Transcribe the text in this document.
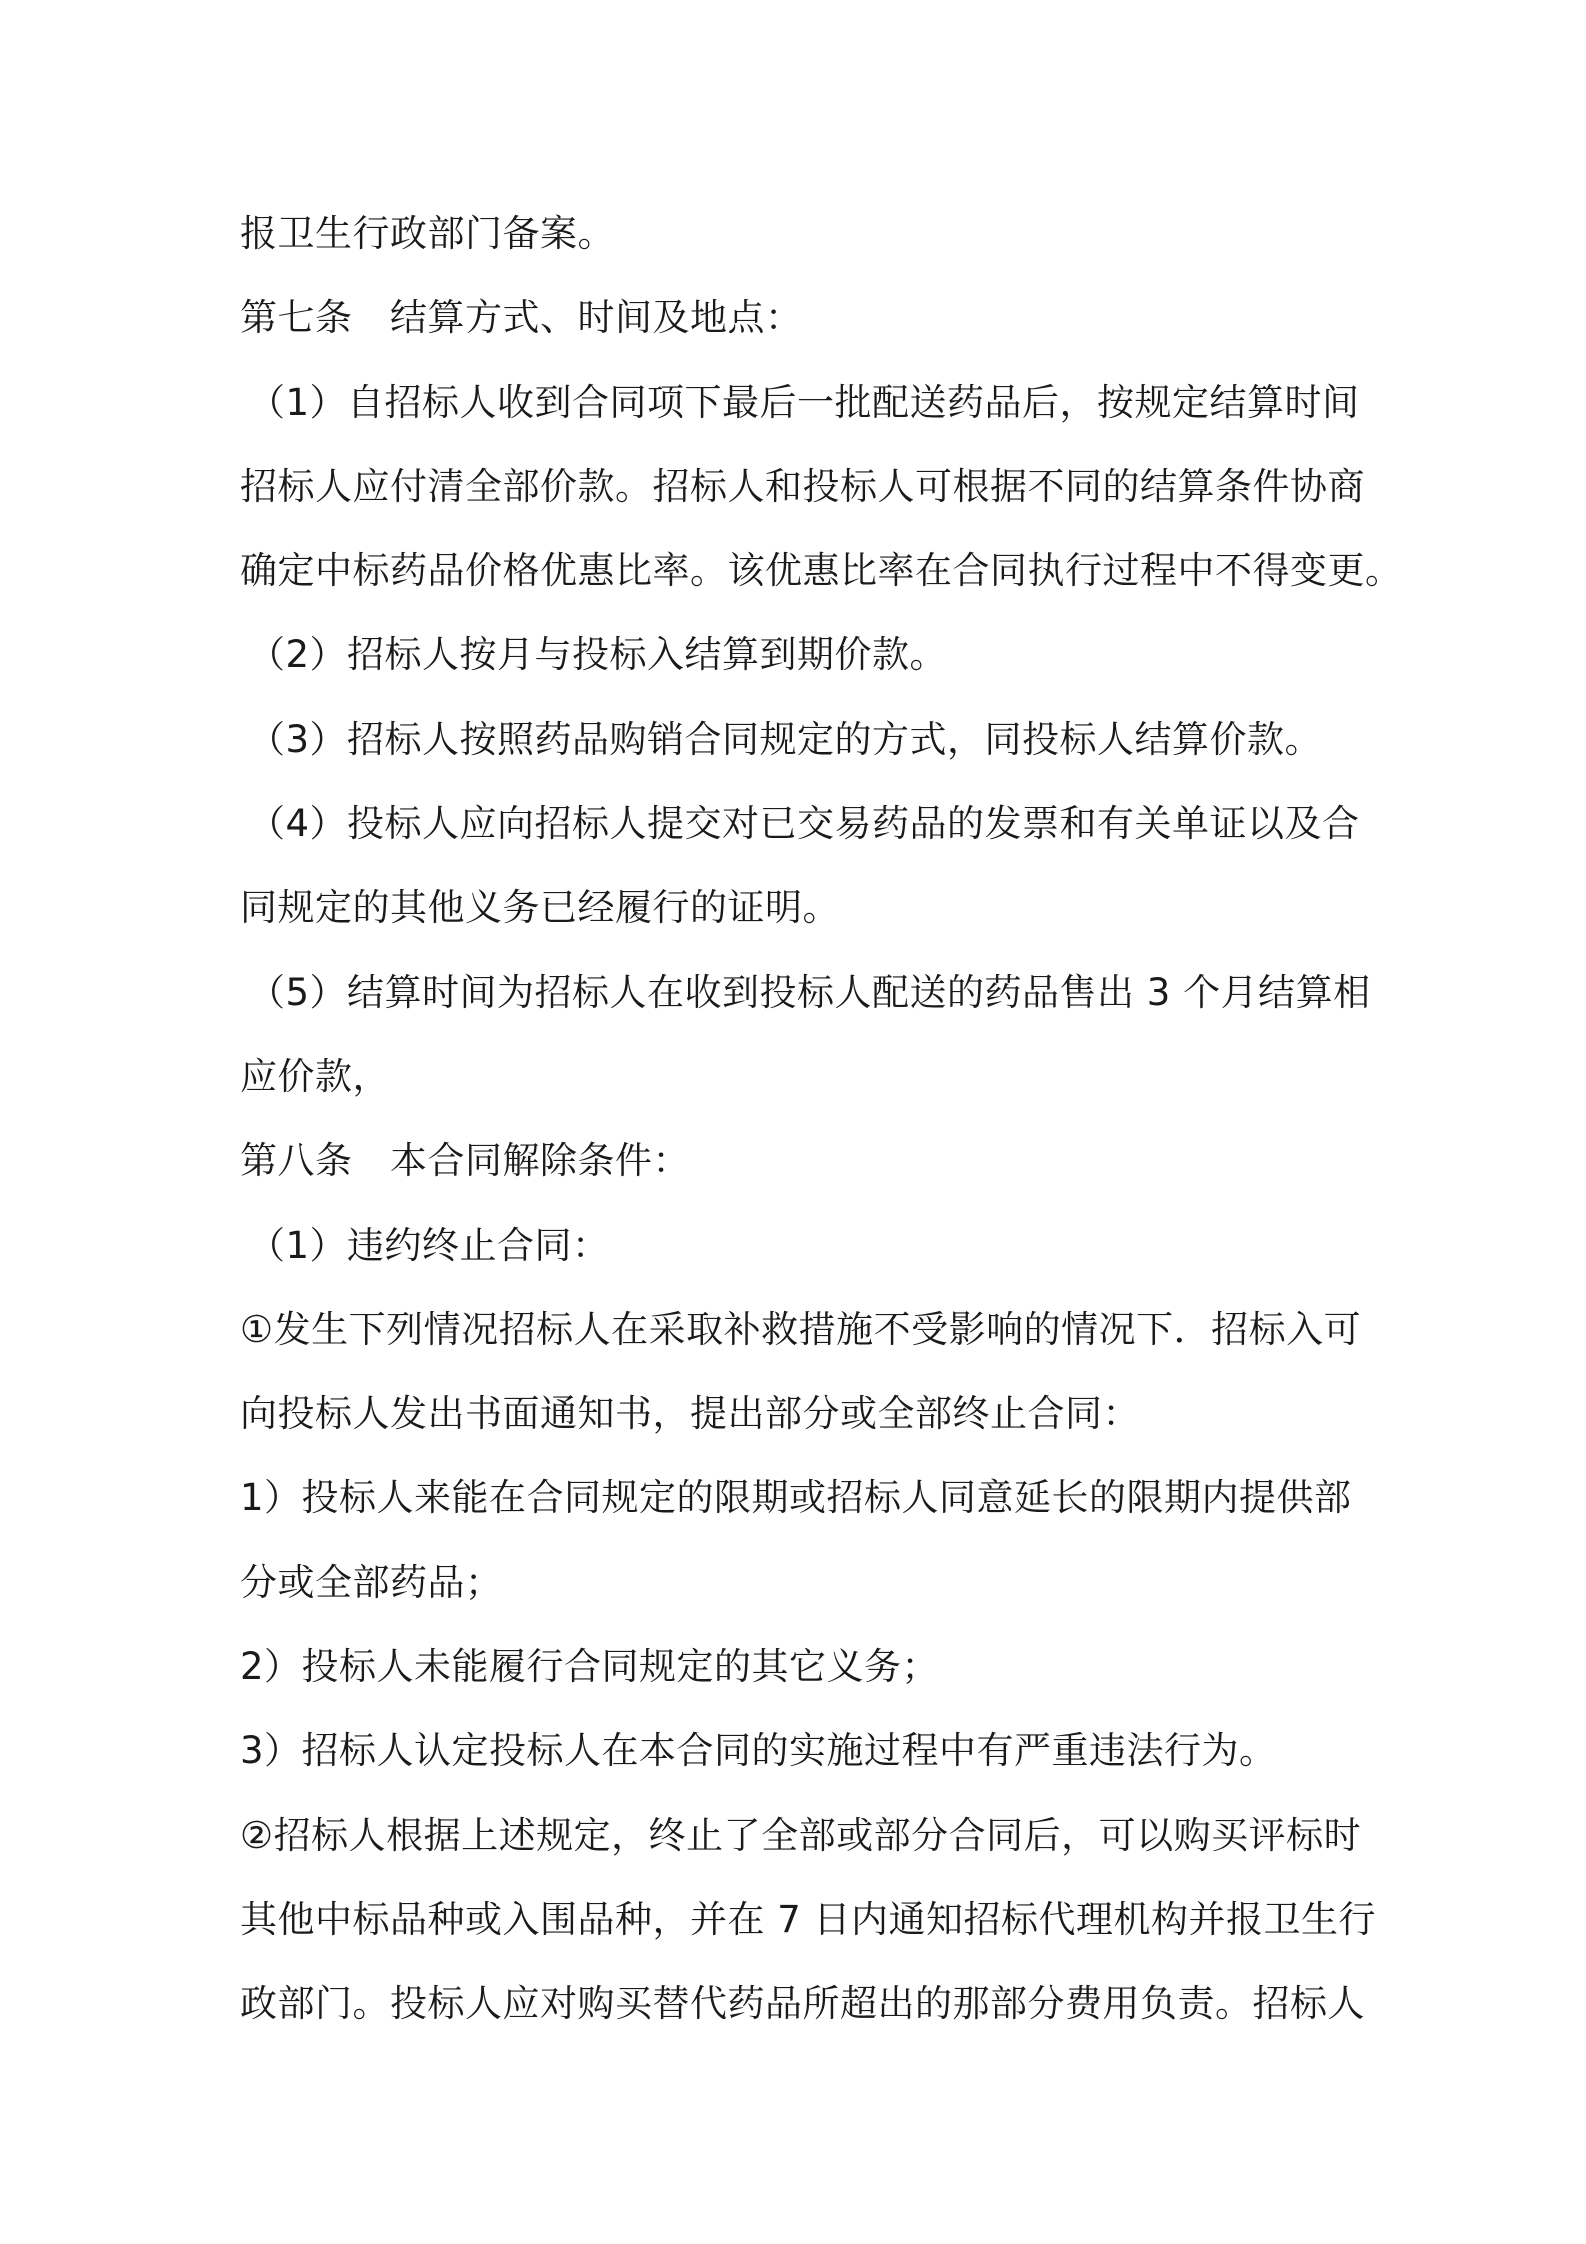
报卫生行政部门备案。
第七条　结算方式、时间及地点：
（1）自招标人收到合同项下最后一批配送药品后，按规定结算时间
招标人应付清全部价款。招标人和投标人可根据不同的结算条件协商
确定中标药品价格优惠比率。该优惠比率在合同执行过程中不得变更。
（2）招标人按月与投标入结算到期价款。
（3）招标人按照药品购销合同规定的方式，同投标人结算价款。
（4）投标人应向招标人提交对已交易药品的发票和有关单证以及合
同规定的其他义务已经履行的证明。
（5）结算时间为招标人在收到投标人配送的药品售出 3 个月结算相
应价款，
第八条　本合同解除条件：
（1）违约终止合同：
①发生下列情况招标人在采取补救措施不受影响的情况下．招标入可
向投标人发出书面通知书，提出部分或全部终止合同：
1）投标人来能在合同规定的限期或招标人同意延长的限期内提供部
分或全部药品；
2）投标人未能履行合同规定的其它义务；
3）招标人认定投标人在本合同的实施过程中有严重违法行为。
②招标人根据上述规定，终止了全部或部分合同后，可以购买评标时
其他中标品种或入围品种，并在 7 日内通知招标代理机构并报卫生行
政部门。投标人应对购买替代药品所超出的那部分费用负责。招标人
